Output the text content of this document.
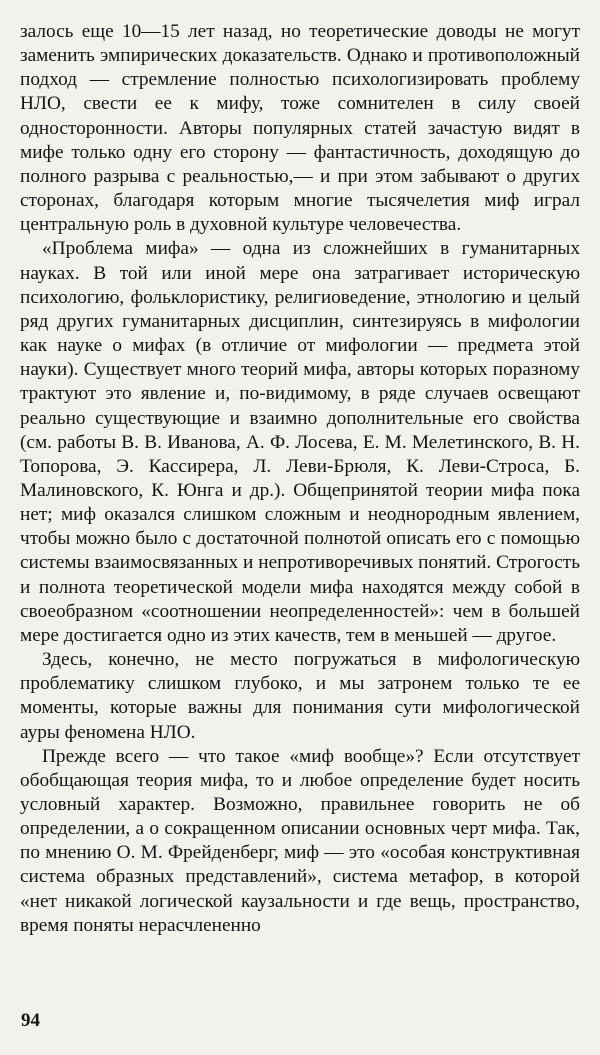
залось еще 10—15 лет назад, но теоретические доводы не могут заменить эмпирических доказательств. Однако и противоположный подход — стремление полностью психологизировать проблему НЛО, свести ее к мифу, тоже сомнителен в силу своей односторонности. Авторы популярных статей зачастую видят в мифе только одну его сторону — фантастичность, доходящую до полного разрыва с реальностью,— и при этом забывают о других сторонах, благодаря которым многие тысячелетия миф играл центральную роль в духовной культуре человечества.

«Проблема мифа» — одна из сложнейших в гуманитарных науках. В той или иной мере она затрагивает историческую психологию, фольклористику, религиоведение, этнологию и целый ряд других гуманитарных дисциплин, синтезируясь в мифологии как науке о мифах (в отличие от мифологии — предмета этой науки). Существует много теорий мифа, авторы которых поразному трактуют это явление и, по-видимому, в ряде случаев освещают реально существующие и взаимно дополнительные его свойства (см. работы В. В. Иванова, А. Ф. Лосева, Е. М. Мелетинского, В. Н. Топорова, Э. Кассирера, Л. Леви-Брюля, К. Леви-Строса, Б. Малиновского, К. Юнга и др.). Общепринятой теории мифа пока нет; миф оказался слишком сложным и неоднородным явлением, чтобы можно было с достаточной полнотой описать его с помощью системы взаимосвязанных и непротиворечивых понятий. Строгость и полнота теоретической модели мифа находятся между собой в своеобразном «соотношении неопределенностей»: чем в большей мере достигается одно из этих качеств, тем в меньшей — другое.

Здесь, конечно, не место погружаться в мифологическую проблематику слишком глубоко, и мы затронем только те ее моменты, которые важны для понимания сути мифологической ауры феномена НЛО.

Прежде всего — что такое «миф вообще»? Если отсутствует обобщающая теория мифа, то и любое определение будет носить условный характер. Возможно, правильнее говорить не об определении, а о сокращенном описании основных черт мифа. Так, по мнению О. М. Фрейденберг, миф — это «особая конструктивная система образных представлений», система метафор, в которой «нет никакой логической каузальности и где вещь, пространство, время поняты нерасчлененно

94
